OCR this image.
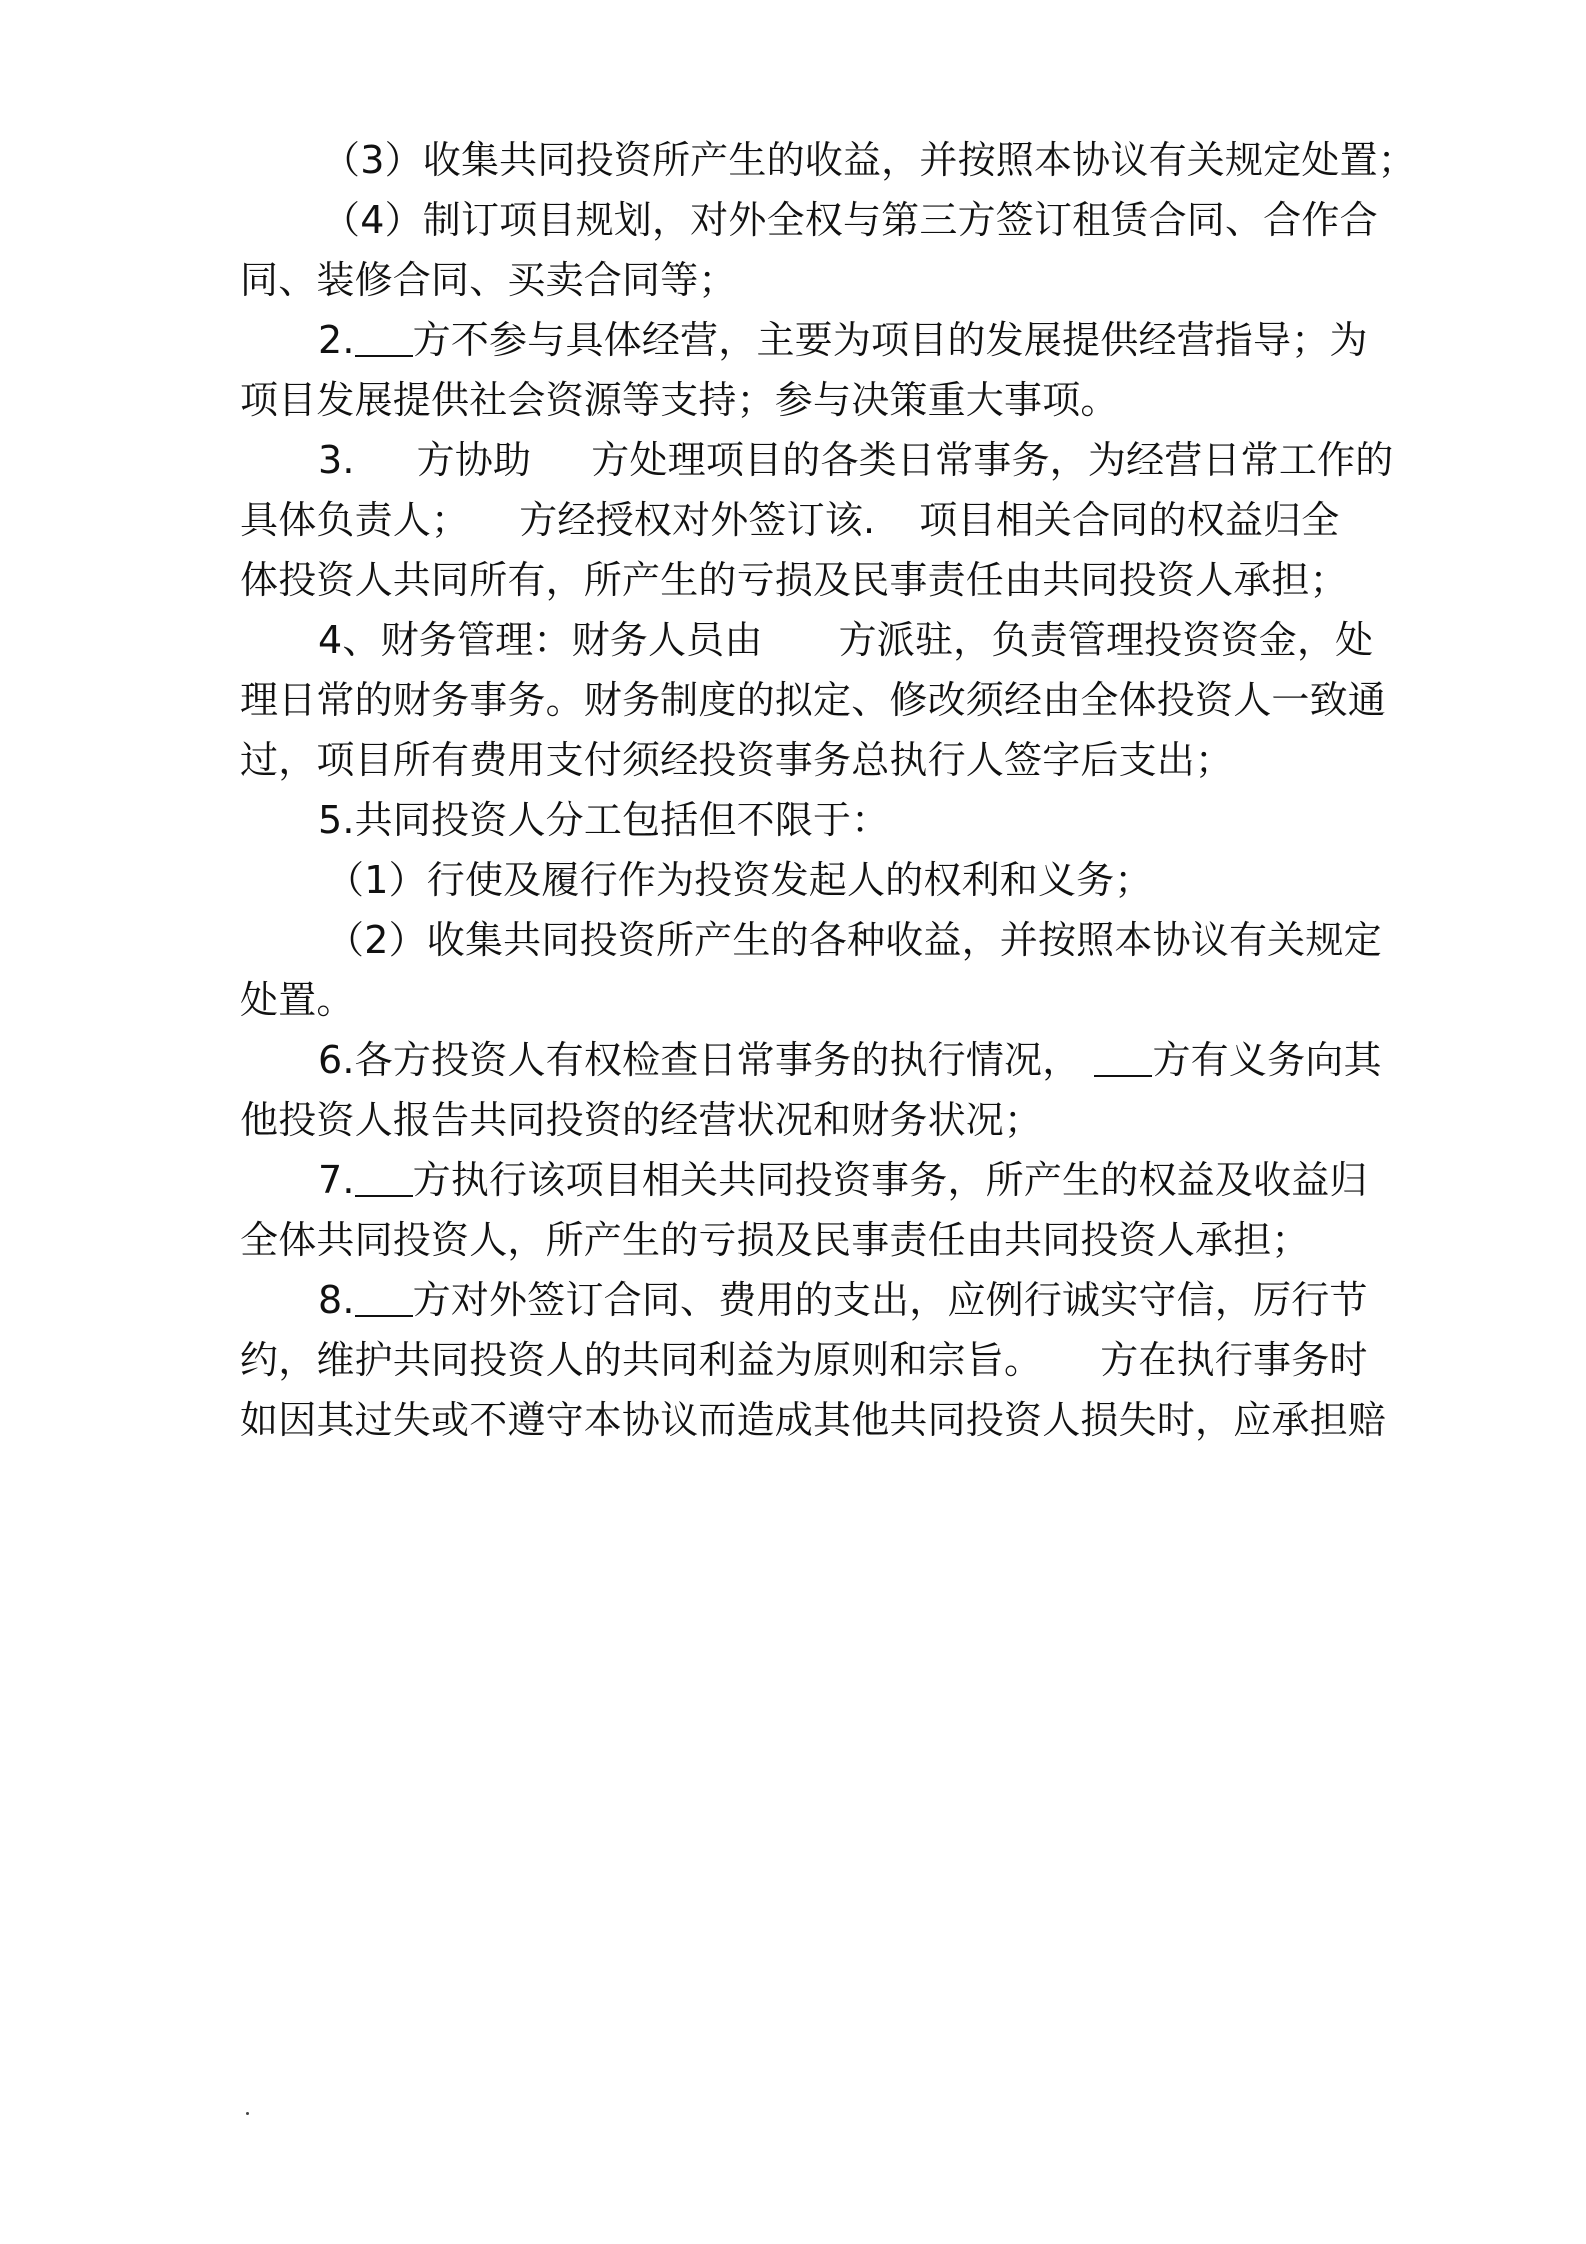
（3）收集共同投资所产生的收益，并按照本协议有关规定处置；
（4）制订项目规划，对外全权与第三方签订租赁合同、合作合
同、装修合同、买卖合同等；
2. 方不参与具体经营，主要为项目的发展提供经营指导；为
项目发展提供社会资源等支持；参与决策重大事项。
3. 方协助 方处理项目的各类日常事务，为经营日常工作的
具体负责人； 方经授权对外签订该. 项目相关合同的权益归全
体投资人共同所有，所产生的亏损及民事责任由共同投资人承担；
4、财务管理：财务人员由 方派驻，负责管理投资资金，处
理日常的财务事务。财务制度的拟定、修改须经由全体投资人一致通
过，项目所有费用支付须经投资事务总执行人签字后支出；
5.共同投资人分工包括但不限于：
（1）行使及履行作为投资发起人的权利和义务；
（2）收集共同投资所产生的各种收益，并按照本协议有关规定
处置。
6.各方投资人有权检查日常事务的执行情况， 方有义务向其
他投资人报告共同投资的经营状况和财务状况；
7. 方执行该项目相关共同投资事务，所产生的权益及收益归
全体共同投资人，所产生的亏损及民事责任由共同投资人承担；
8. 方对外签订合同、费用的支出，应例行诚实守信，厉行节
约，维护共同投资人的共同利益为原则和宗旨。 方在执行事务时
如因其过失或不遵守本协议而造成其他共同投资人损失时，应承担赔
